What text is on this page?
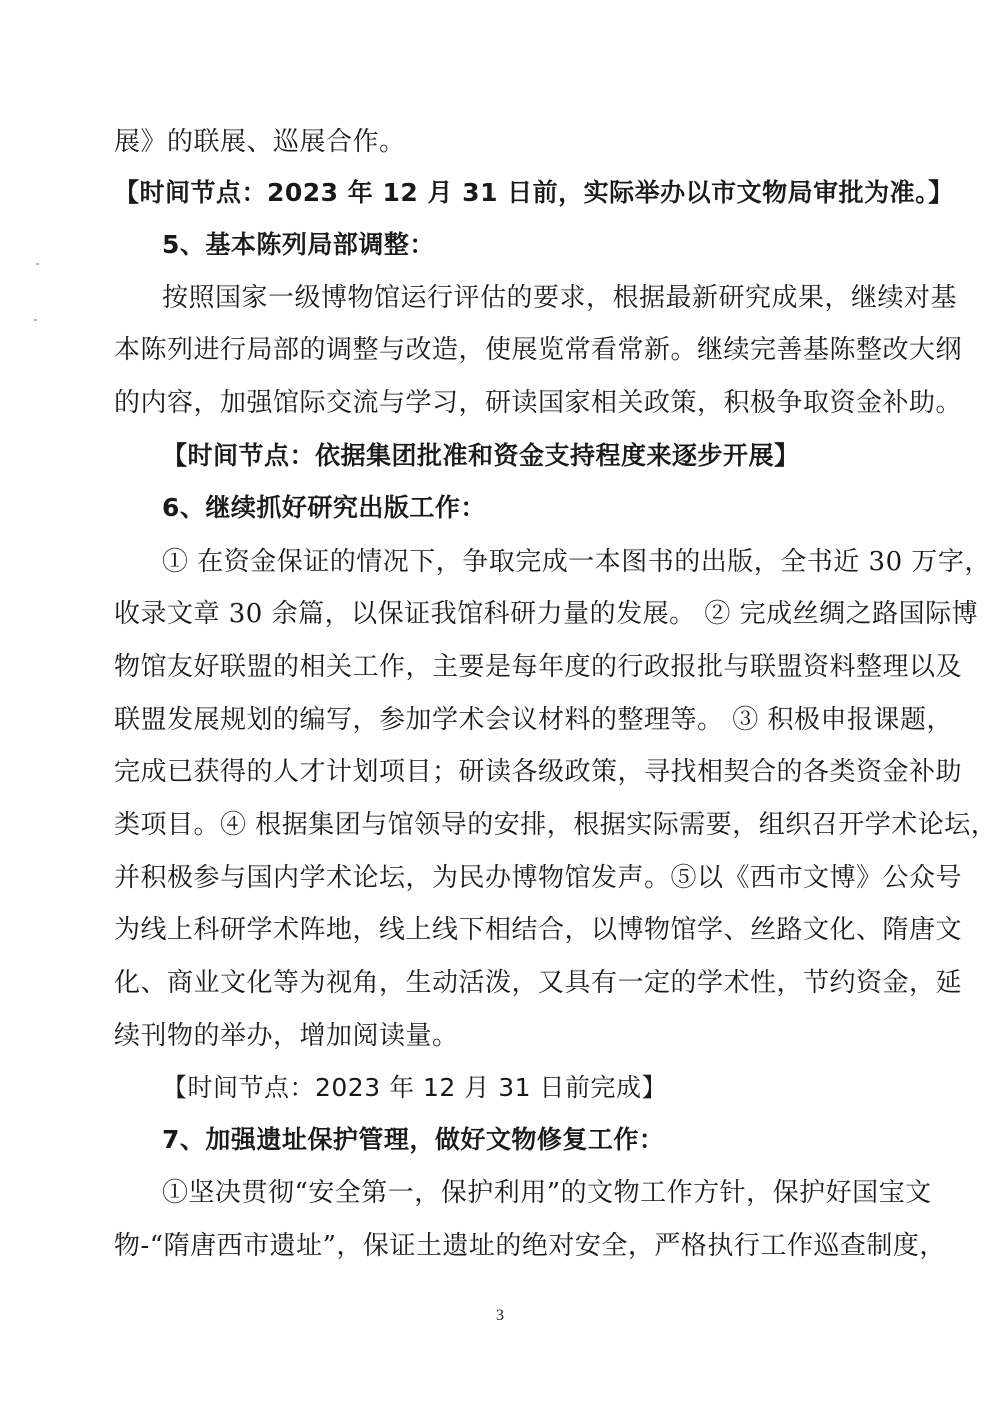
展》的联展、巡展合作。
【时间节点：2023 年 12 月 31 日前，实际举办以市文物局审批为准。】
5、基本陈列局部调整：
按照国家一级博物馆运行评估的要求，根据最新研究成果，继续对基
本陈列进行局部的调整与改造，使展览常看常新。继续完善基陈整改大纲
的内容，加强馆际交流与学习，研读国家相关政策，积极争取资金补助。
【时间节点：依据集团批准和资金支持程度来逐步开展】
6、继续抓好研究出版工作：
① 在资金保证的情况下，争取完成一本图书的出版，全书近 30 万字，
收录文章 30 余篇，以保证我馆科研力量的发展。 ② 完成丝绸之路国际博
物馆友好联盟的相关工作，主要是每年度的行政报批与联盟资料整理以及
联盟发展规划的编写，参加学术会议材料的整理等。 ③ 积极申报课题，
完成已获得的人才计划项目；研读各级政策，寻找相契合的各类资金补助
类项目。④ 根据集团与馆领导的安排，根据实际需要，组织召开学术论坛，
并积极参与国内学术论坛，为民办博物馆发声。⑤以《西市文博》公众号
为线上科研学术阵地，线上线下相结合，以博物馆学、丝路文化、隋唐文
化、商业文化等为视角，生动活泼，又具有一定的学术性，节约资金，延
续刊物的举办，增加阅读量。
【时间节点：2023 年 12 月 31 日前完成】
7、加强遗址保护管理，做好文物修复工作：
①坚决贯彻“安全第一，保护利用”的文物工作方针，保护好国宝文
物-“隋唐西市遗址”，保证土遗址的绝对安全，严格执行工作巡查制度，
3
